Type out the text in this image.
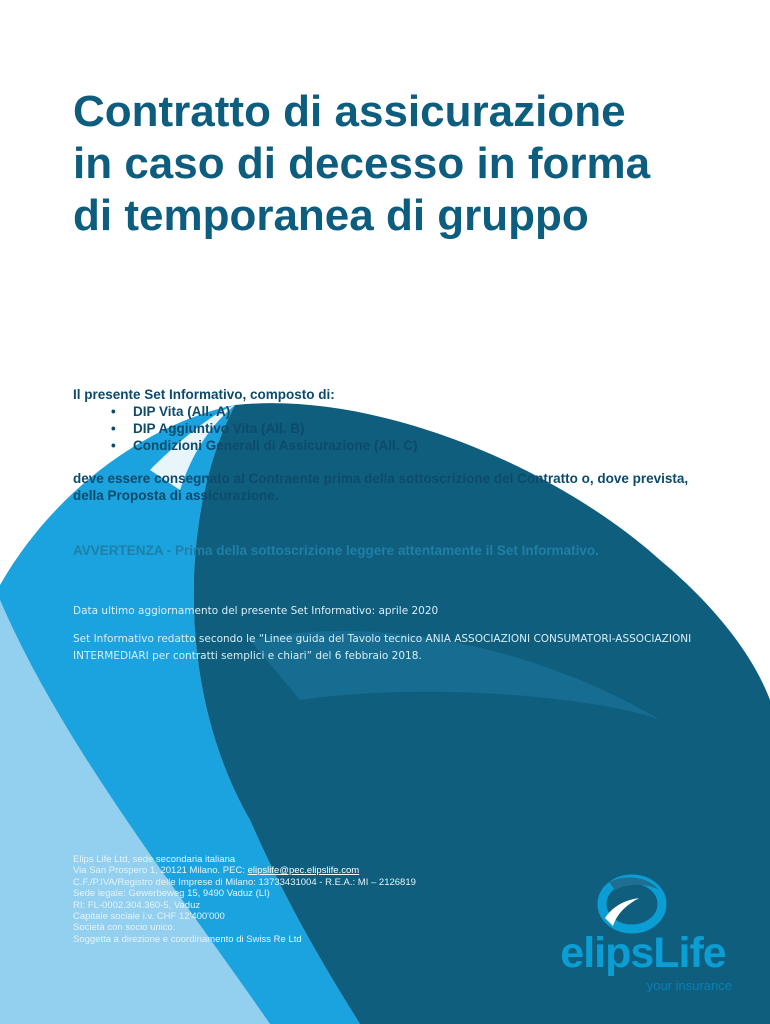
Contratto di assicurazione
in caso di decesso in forma
di temporanea di gruppo
Il presente Set Informativo, composto di:
• DIP Vita (All. A)
• DIP Aggiuntivo Vita (All. B)
• Condizioni Generali di Assicurazione (All. C)
deve essere consegnato al Contraente prima della sottoscrizione del Contratto o, dove prevista, della Proposta di assicurazione.
AVVERTENZA - Prima della sottoscrizione leggere attentamente il Set Informativo.
Data ultimo aggiornamento del presente Set Informativo: aprile 2020
Set Informativo redatto secondo le “Linee guida del Tavolo tecnico ANIA ASSOCIAZIONI CONSUMATORI-ASSOCIAZIONI INTERMEDIARI per contratti semplici e chiari” del 6 febbraio 2018.
Elips Life Ltd, sede secondaria italiana
Via San Prospero 1, 20121 Milano. PEC: elipslife@pec.elipslife.com
C.F./P.IVA/Registro delle Imprese di Milano: 13733431004 - R.E.A.: MI – 2126819
Sede legale: Gewerbeweg 15, 9490 Vaduz (LI)
RI: FL-0002.304.360-5, Vaduz
Capitale sociale i.v. CHF 12'400'000
Società con socio unico.
Soggetta a direzione e coordinamento di Swiss Re Ltd	elipsLife
your insurance
